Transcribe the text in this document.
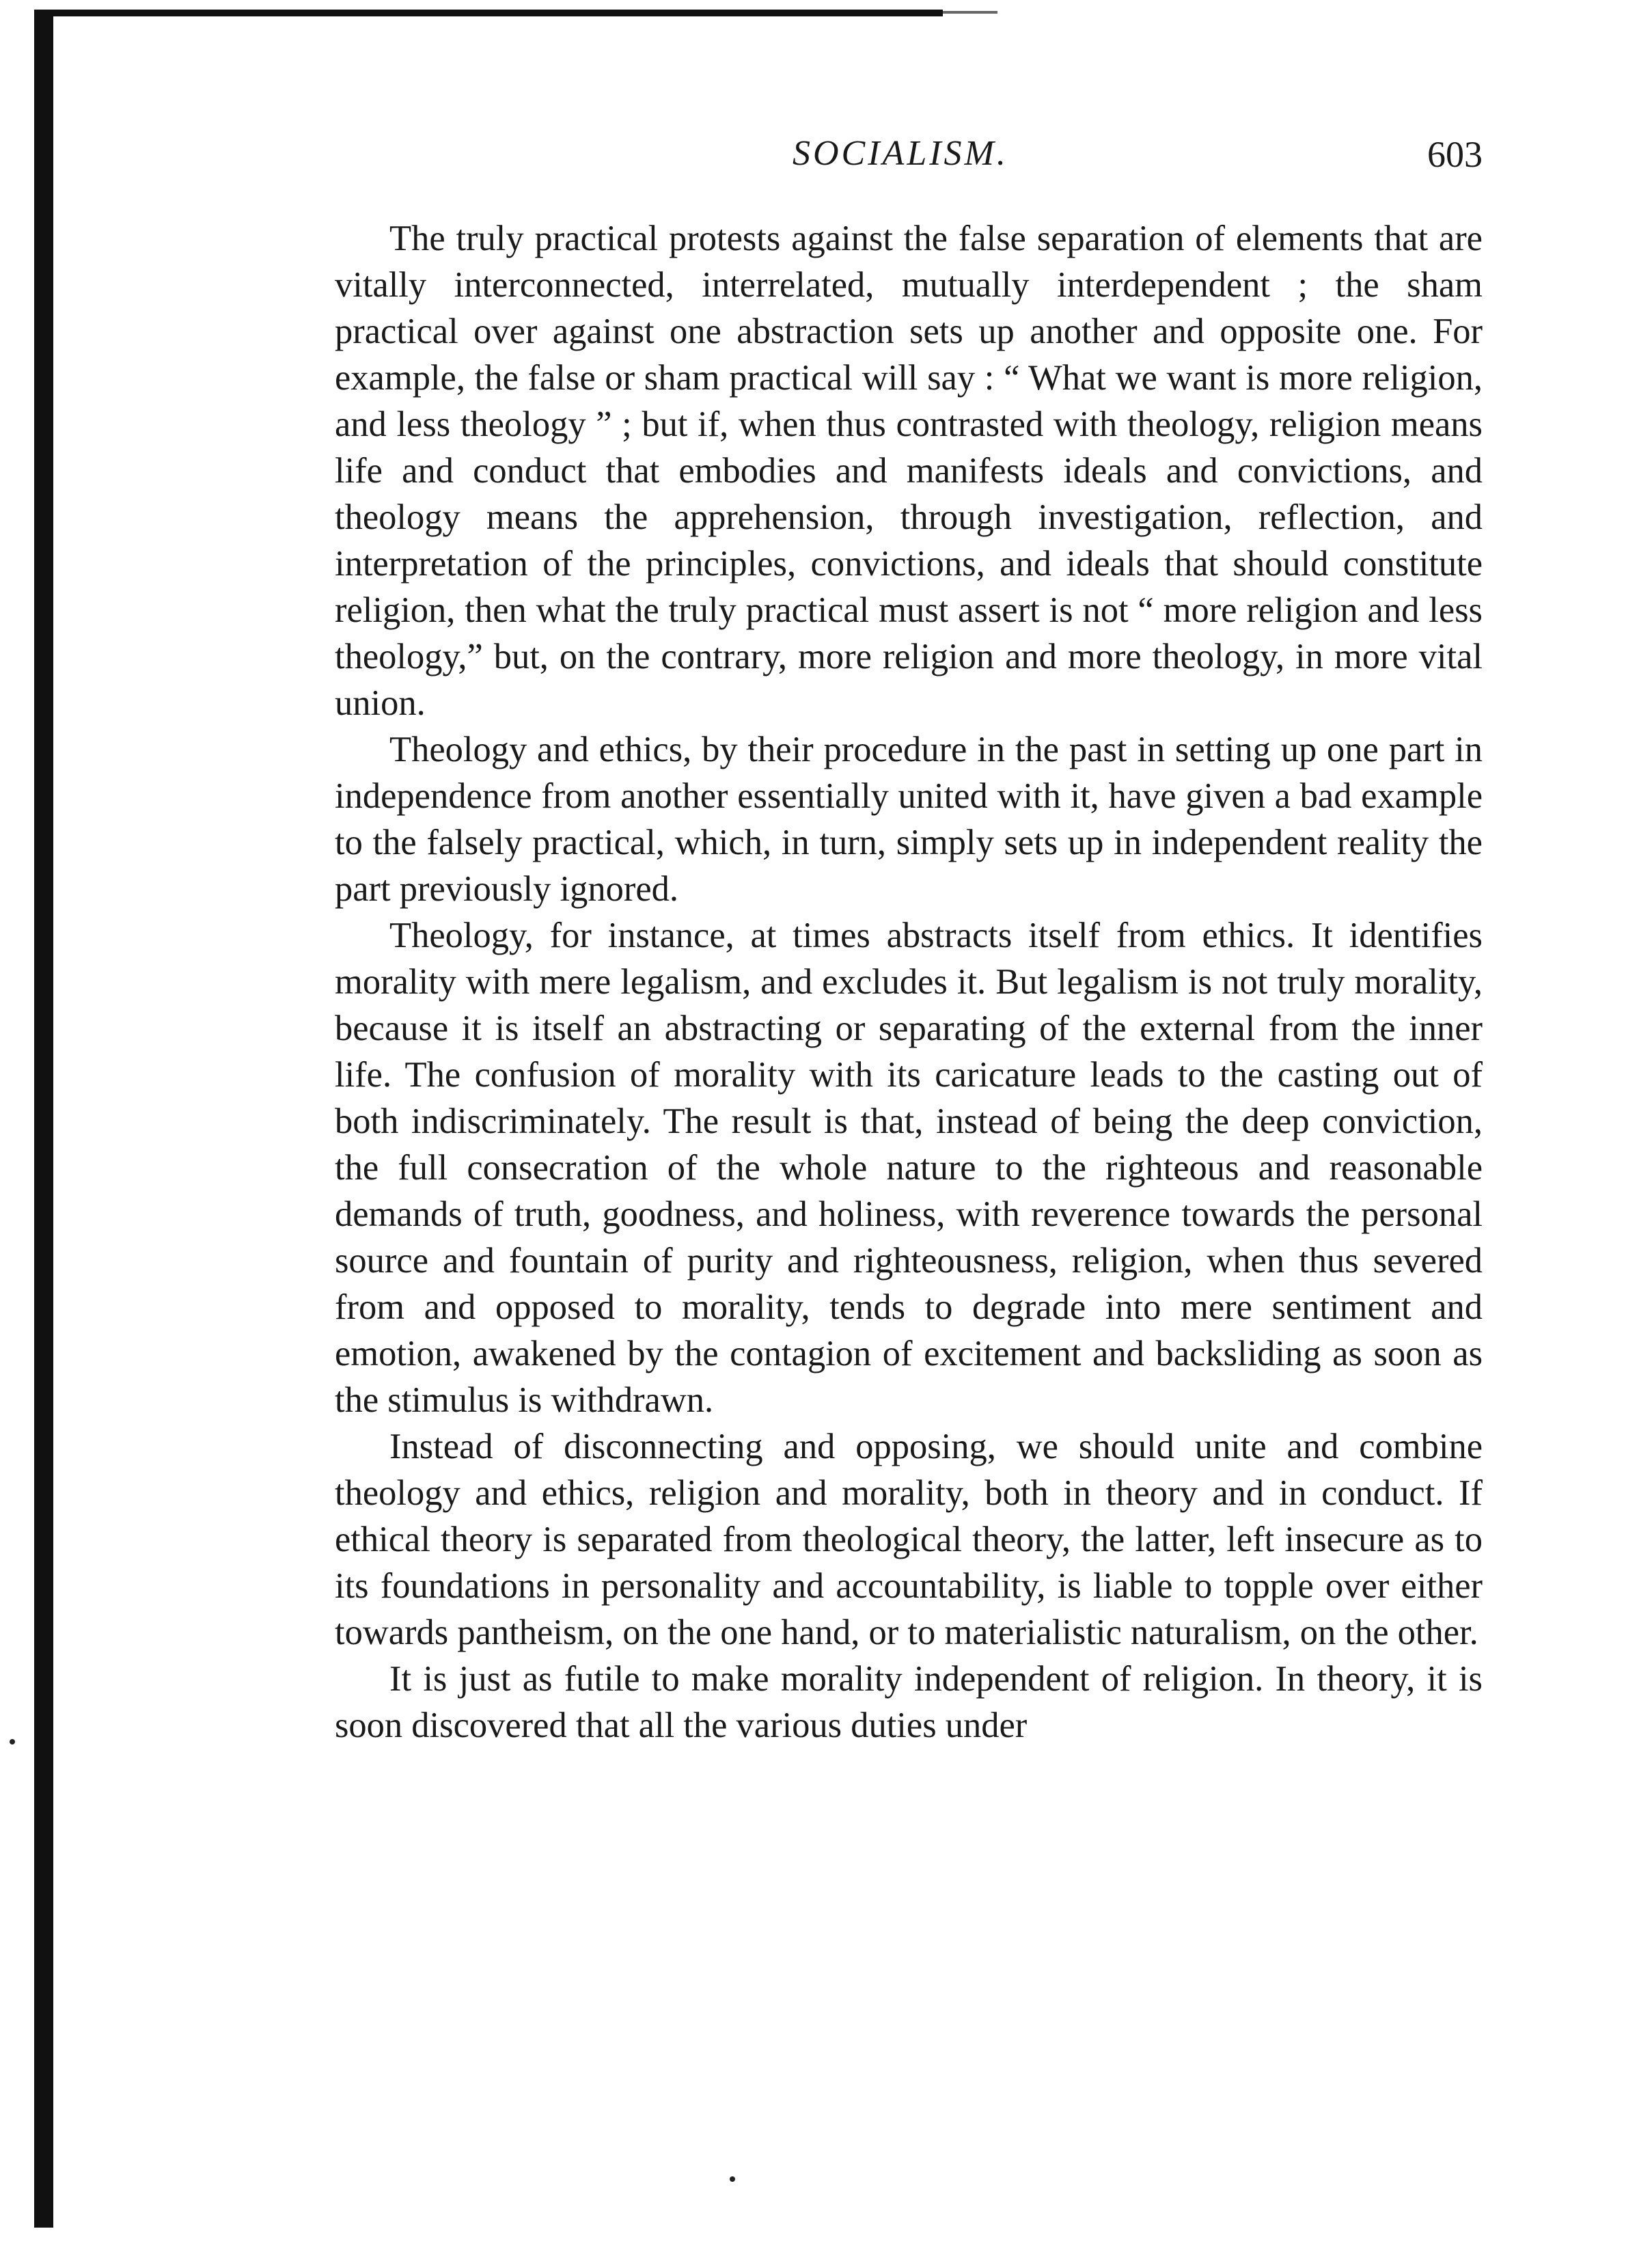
SOCIALISM.	603

The truly practical protests against the false separation of elements that are vitally interconnected, interrelated, mutually interdependent ; the sham practical over against one abstraction sets up another and opposite one. For example, the false or sham practical will say : “ What we want is more religion, and less theology ” ; but if, when thus contrasted with theology, religion means life and conduct that embodies and manifests ideals and convictions, and theology means the apprehension, through investigation, reflection, and interpretation of the principles, convictions, and ideals that should constitute religion, then what the truly practical must assert is not “ more religion and less theology,” but, on the contrary, more religion and more theology, in more vital union.

Theology and ethics, by their procedure in the past in setting up one part in independence from another essentially united with it, have given a bad example to the falsely practical, which, in turn, simply sets up in independent reality the part previously ignored.

Theology, for instance, at times abstracts itself from ethics. It identifies morality with mere legalism, and excludes it. But legalism is not truly morality, because it is itself an abstracting or separating of the external from the inner life. The confusion of morality with its caricature leads to the casting out of both indiscriminately. The result is that, instead of being the deep conviction, the full consecration of the whole nature to the righteous and reasonable demands of truth, goodness, and holiness, with reverence towards the personal source and fountain of purity and righteousness, religion, when thus severed from and opposed to morality, tends to degrade into mere sentiment and emotion, awakened by the contagion of excitement and backsliding as soon as the stimulus is withdrawn.

Instead of disconnecting and opposing, we should unite and combine theology and ethics, religion and morality, both in theory and in conduct. If ethical theory is separated from theological theory, the latter, left insecure as to its foundations in personality and accountability, is liable to topple over either towards pantheism, on the one hand, or to materialistic naturalism, on the other.

It is just as futile to make morality independent of religion. In theory, it is soon discovered that all the various duties under
